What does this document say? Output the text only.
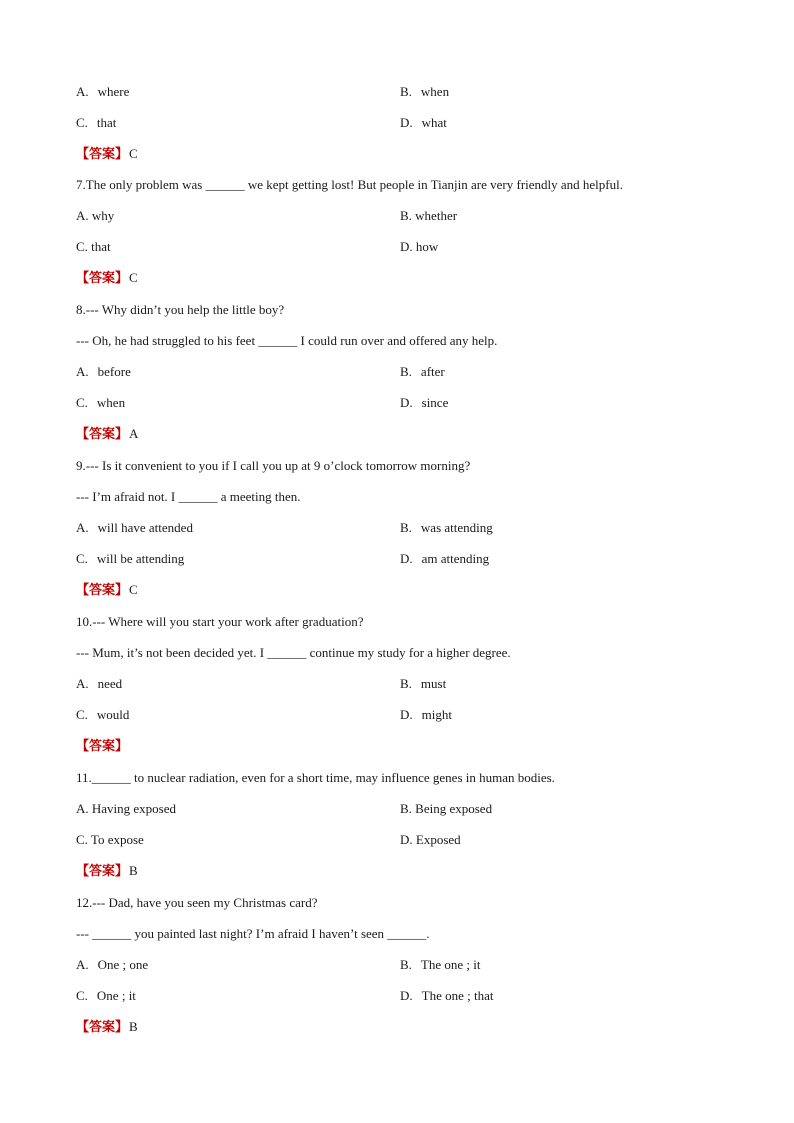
A. where	B. when
C. that	D. what
【答案】C
7.The only problem was ______ we kept getting lost! But people in Tianjin are very friendly and helpful.
A. why	B. whether
C. that	D. how
【答案】C
8.--- Why didn’t you help the little boy?
--- Oh, he had struggled to his feet ______ I could run over and offered any help.
A. before	B. after
C. when	D. since
【答案】A
9.--- Is it convenient to you if I call you up at 9 o’clock tomorrow morning?
--- I’m afraid not. I ______ a meeting then.
A. will have attended	B. was attending
C. will be attending	D. am attending
【答案】C
10.--- Where will you start your work after graduation?
--- Mum, it’s not been decided yet. I ______ continue my study for a higher degree.
A. need	B. must
C. would	D. might
【答案】
11.______ to nuclear radiation, even for a short time, may influence genes in human bodies.
A. Having exposed	B. Being exposed
C. To expose	D. Exposed
【答案】B
12.--- Dad, have you seen my Christmas card?
--- ______ you painted last night? I’m afraid I haven’t seen ______.
A. One ; one	B. The one ; it
C. One ; it	D. The one ; that
【答案】B
